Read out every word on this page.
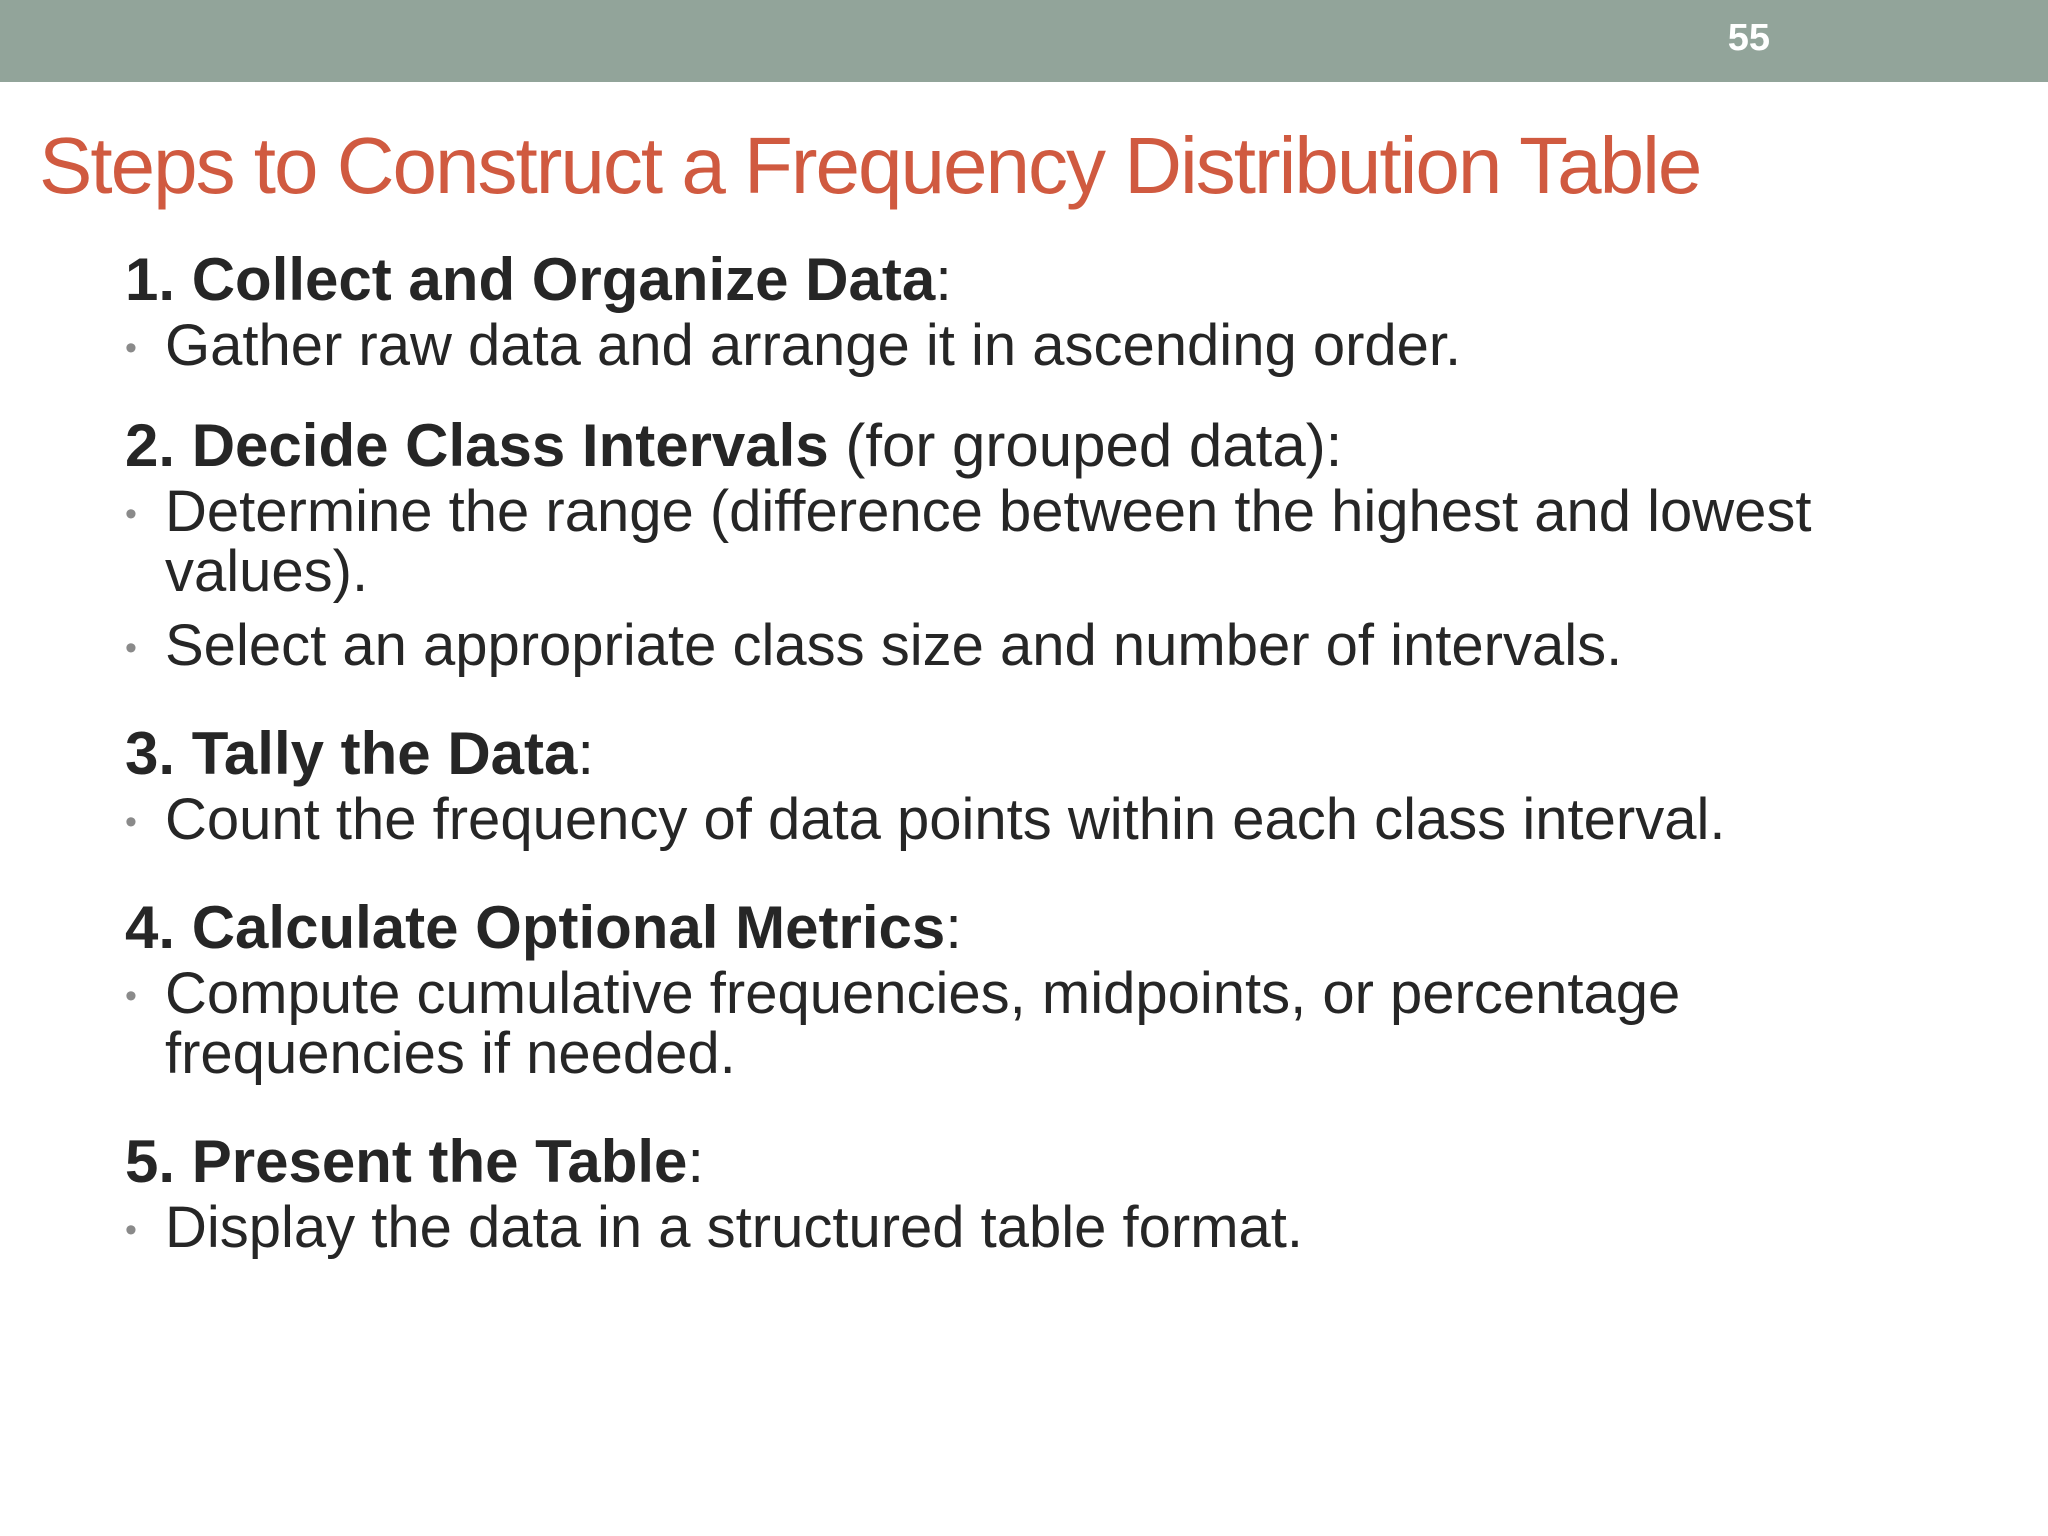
55
Steps to Construct a Frequency Distribution Table
1. Collect and Organize Data:
• Gather raw data and arrange it in ascending order.
2. Decide Class Intervals (for grouped data):
• Determine the range (difference between the highest and lowest values).
• Select an appropriate class size and number of intervals.
3. Tally the Data:
• Count the frequency of data points within each class interval.
4. Calculate Optional Metrics:
• Compute cumulative frequencies, midpoints, or percentage frequencies if needed.
5. Present the Table:
• Display the data in a structured table format.
